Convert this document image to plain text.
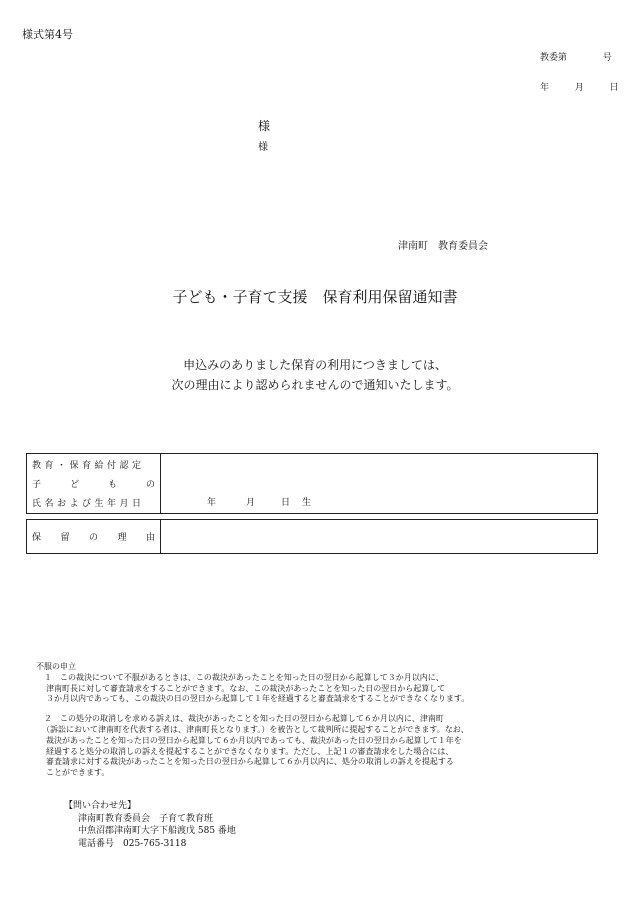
様式第4号
教委第	号
年	月	日
様
様
津南町　教育委員会
子ども・子育て支援　保育利用保留通知書
申込みのありました保育の利用につきましては、
次の理由により認められませんので通知いたします。
教育・保育給付認定
子	ど	も	の
氏名および生年月日	年	月	日 生
保 留 の 理 由

不服の申立
　１　この裁決について不服があるときは、この裁決があったことを知った日の翌日から起算して３か月以内に、
津南町長に対して審査請求をすることができます。なお、この裁決があったことを知った日の翌日から起算して
３か月以内であっても、この裁決の日の翌日から起算して１年を経過すると審査請求をすることができなくなります。
　２　この処分の取消しを求める訴えは、裁決があったことを知った日の翌日から起算して６か月以内に、津南町
（訴訟において津南町を代表する者は、津南町長となります。）を被告として裁判所に提起することができます。なお、
裁決があったことを知った日の翌日から起算して６か月以内であっても、裁決があった日の翌日から起算して１年を
経過すると処分の取消しの訴えを提起することができなくなります。ただし、上記１の審査請求をした場合には、
審査請求に対する裁決があったことを知った日の翌日から起算して６か月以内に、処分の取消しの訴えを提起する
ことができます。
【問い合わせ先】
津南町教育委員会　子育て教育班
中魚沼郡津南町大字下船渡戊 585 番地
電話番号　025-765-3118
